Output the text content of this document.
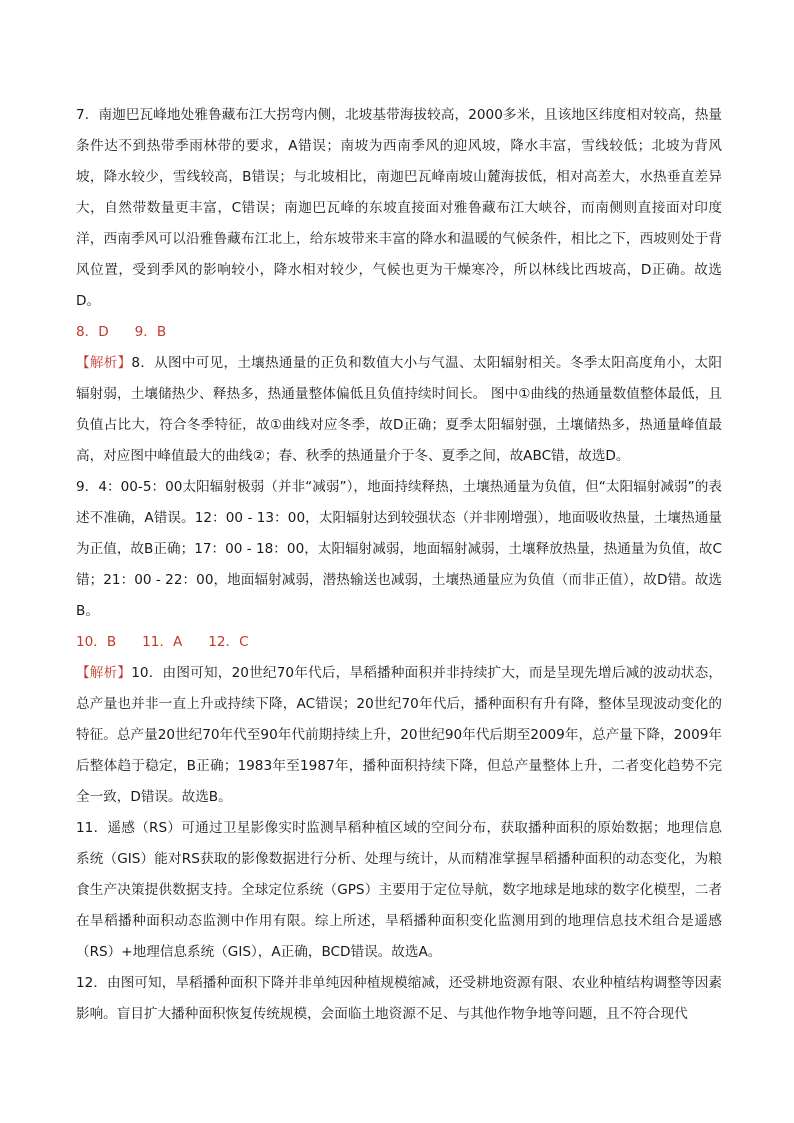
7．南迦巴瓦峰地处雅鲁藏布江大拐弯内侧，北坡基带海拔较高，2000多米，且该地区纬度相对较高，热量条件达不到热带季雨林带的要求，A错误；南坡为西南季风的迎风坡，降水丰富，雪线较低；北坡为背风坡，降水较少，雪线较高，B错误；与北坡相比，南迦巴瓦峰南坡山麓海拔低，相对高差大，水热垂直差异大，自然带数量更丰富，C错误；南迦巴瓦峰的东坡直接面对雅鲁藏布江大峡谷，而南侧则直接面对印度洋，西南季风可以沿雅鲁藏布江北上，给东坡带来丰富的降水和温暖的气候条件，相比之下，西坡则处于背风位置，受到季风的影响较小，降水相对较少，气候也更为干燥寒冷，所以林线比西坡高，D正确。故选D。

8．D      9．B

【解析】8．从图中可见，土壤热通量的正负和数值大小与气温、太阳辐射相关。冬季太阳高度角小，太阳辐射弱，土壤储热少、释热多，热通量整体偏低且负值持续时间长。 图中①曲线的热通量数值整体最低，且负值占比大，符合冬季特征，故①曲线对应冬季，故D正确；夏季太阳辐射强，土壤储热多，热通量峰值最高，对应图中峰值最大的曲线②；春、秋季的热通量介于冬、夏季之间，故ABC错，故选D。

9．4：00-5：00太阳辐射极弱（并非“减弱”），地面持续释热，土壤热通量为负值，但“太阳辐射减弱”的表述不准确，A错误。12：00 - 13：00，太阳辐射达到较强状态（并非刚增强），地面吸收热量，土壤热通量为正值，故B正确；17：00 - 18：00，太阳辐射减弱，地面辐射减弱，土壤释放热量，热通量为负值，故C错；21：00 - 22：00，地面辐射减弱，潜热输送也减弱，土壤热通量应为负值（而非正值），故D错。故选B。

10．B      11．A      12．C

【解析】10．由图可知，20世纪70年代后，旱稻播种面积并非持续扩大，而是呈现先增后减的波动状态，总产量也并非一直上升或持续下降，AC错误；20世纪70年代后，播种面积有升有降，整体呈现波动变化的特征。总产量20世纪70年代至90年代前期持续上升，20世纪90年代后期至2009年，总产量下降，2009年后整体趋于稳定，B正确；1983年至1987年，播种面积持续下降，但总产量整体上升，二者变化趋势不完全一致，D错误。故选B。

11．遥感（RS）可通过卫星影像实时监测旱稻种植区域的空间分布，获取播种面积的原始数据；地理信息系统（GIS）能对RS获取的影像数据进行分析、处理与统计，从而精准掌握旱稻播种面积的动态变化，为粮食生产决策提供数据支持。全球定位系统（GPS）主要用于定位导航，数字地球是地球的数字化模型，二者在旱稻播种面积动态监测中作用有限。综上所述，旱稻播种面积变化监测用到的地理信息技术组合是遥感（RS）+地理信息系统（GIS），A正确，BCD错误。故选A。

12．由图可知，旱稻播种面积下降并非单纯因种植规模缩减，还受耕地资源有限、农业种植结构调整等因素影响。盲目扩大播种面积恢复传统规模，会面临土地资源不足、与其他作物争地等问题，且不符合现代
